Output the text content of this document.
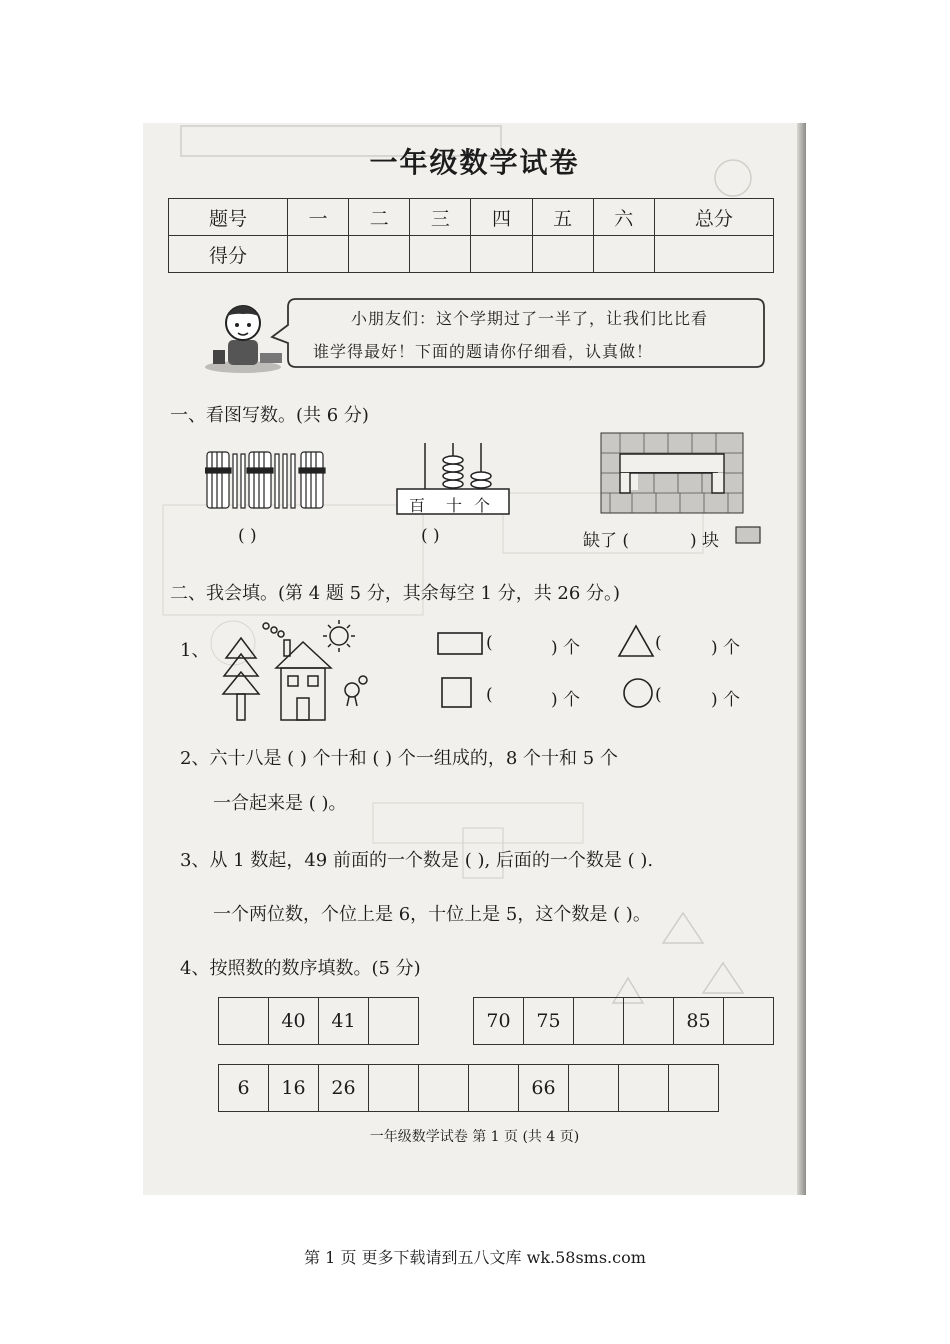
一年级数学试卷
题号	一	二	三	四	五	六	总分
得分							
小朋友们：这个学期过了一半了，让我们比比看
谁学得最好！下面的题请你仔细看，认真做！
一、看图写数。(共 6 分)
( )
百 十 个
( )	缺了 (	) 块
二、我会填。(第 4 题 5 分，其余每空 1 分，共 26 分。)
1、	(	) 个	(	) 个
(	) 个	(	) 个
2、六十八是 ( ) 个十和 ( ) 个一组成的，8 个十和 5 个
一合起来是 ( )。
3、从 1 数起，49 前面的一个数是 ( ), 后面的一个数是 ( ).
一个两位数，个位上是 6，十位上是 5，这个数是 ( )。
4、按照数的数序填数。(5 分)
	40	41		70	75			85	
6	16	26				66			
一年级数学试卷 第 1 页 (共 4 页)
第 1 页 更多下载请到五八文库 wk.58sms.com
